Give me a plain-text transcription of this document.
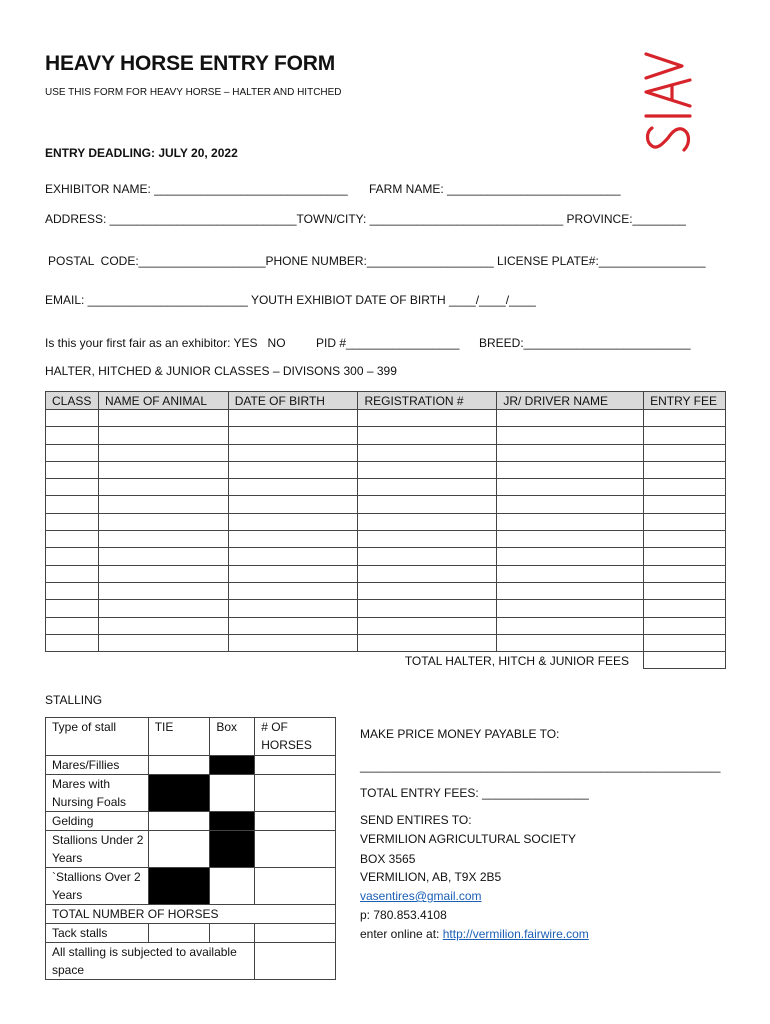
HEAVY HORSE ENTRY FORM
USE THIS FORM FOR HEAVY HORSE – HALTER AND HITCHED
ENTRY DEADLING: JULY 20, 2022
EXHIBITOR NAME: _____________________________ FARM NAME: __________________________
ADDRESS: ____________________________TOWN/CITY: _____________________________ PROVINCE:________
POSTAL  CODE:___________________PHONE NUMBER:___________________ LICENSE PLATE#:________________
EMAIL: ________________________ YOUTH EXHIBIOT DATE OF BIRTH ____/____/____
Is this your first fair as an exhibitor: YES   NO	PID #_________________ BREED:_________________________
HALTER, HITCHED & JUNIOR CLASSES – DIVISONS 300 – 399
CLASS	NAME OF ANIMAL	DATE OF BIRTH	REGISTRATION #	JR/ DRIVER NAME	ENTRY FEE

TOTAL HALTER, HITCH & JUNIOR FEES					
STALLING
Type of stall	TIE	Box	# OF HORSES
Mares/Fillies			
Mares with Nursing Foals			
Gelding			
Stallions Under 2 Years			
`Stallions Over 2 Years			
TOTAL NUMBER OF HORSES			
Tack stalls			
All stalling is subjected to available space			
MAKE PRICE MONEY PAYABLE TO:
______________________________________________________
TOTAL ENTRY FEES: ________________
SEND ENTIRES TO:
VERMILION AGRICULTURAL SOCIETY
BOX 3565
VERMILION, AB, T9X 2B5
vasentires@gmail.com
p: 780.853.4108
enter online at: http://vermilion.fairwire.com
